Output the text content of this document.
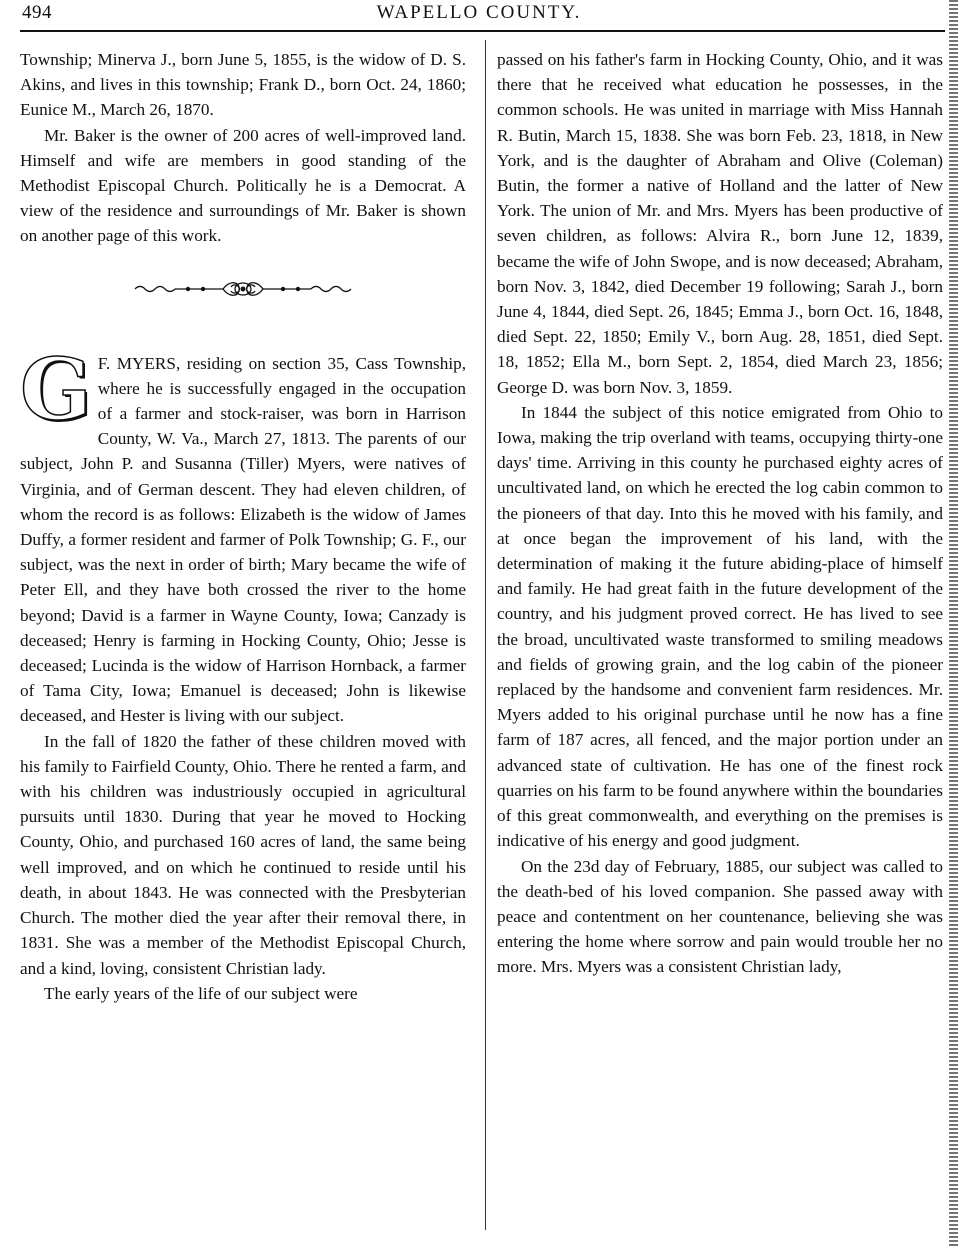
494	WAPELLO COUNTY.

Township; Minerva J., born June 5, 1855, is the widow of D. S. Akins, and lives in this township; Frank D., born Oct. 24, 1860; Eunice M., March 26, 1870.

Mr. Baker is the owner of 200 acres of well-improved land. Himself and wife are members in good standing of the Methodist Episcopal Church. Politically he is a Democrat. A view of the residence and surroundings of Mr. Baker is shown on another page of this work.

G F. MYERS, residing on section 35, Cass Township, where he is successfully engaged in the occupation of a farmer and stock-raiser, was born in Harrison County, W. Va., March 27, 1813. The parents of our subject, John P. and Susanna (Tiller) Myers, were natives of Virginia, and of German descent. They had eleven children, of whom the record is as follows: Elizabeth is the widow of James Duffy, a former resident and farmer of Polk Township; G. F., our subject, was the next in order of birth; Mary became the wife of Peter Ell, and they have both crossed the river to the home beyond; David is a farmer in Wayne County, Iowa; Canzady is deceased; Henry is farming in Hocking County, Ohio; Jesse is deceased; Lucinda is the widow of Harrison Hornback, a farmer of Tama City, Iowa; Emanuel is deceased; John is likewise deceased, and Hester is living with our subject.

In the fall of 1820 the father of these children moved with his family to Fairfield County, Ohio. There he rented a farm, and with his children was industriously occupied in agricultural pursuits until 1830. During that year he moved to Hocking County, Ohio, and purchased 160 acres of land, the same being well improved, and on which he continued to reside until his death, in about 1843. He was connected with the Presbyterian Church. The mother died the year after their removal there, in 1831. She was a member of the Methodist Episcopal Church, and a kind, loving, consistent Christian lady.

The early years of the life of our subject were

passed on his father's farm in Hocking County, Ohio, and it was there that he received what education he possesses, in the common schools. He was united in marriage with Miss Hannah R. Butin, March 15, 1838. She was born Feb. 23, 1818, in New York, and is the daughter of Abraham and Olive (Coleman) Butin, the former a native of Holland and the latter of New York. The union of Mr. and Mrs. Myers has been productive of seven children, as follows: Alvira R., born June 12, 1839, became the wife of John Swope, and is now deceased; Abraham, born Nov. 3, 1842, died December 19 following; Sarah J., born June 4, 1844, died Sept. 26, 1845; Emma J., born Oct. 16, 1848, died Sept. 22, 1850; Emily V., born Aug. 28, 1851, died Sept. 18, 1852; Ella M., born Sept. 2, 1854, died March 23, 1856; George D. was born Nov. 3, 1859.

In 1844 the subject of this notice emigrated from Ohio to Iowa, making the trip overland with teams, occupying thirty-one days' time. Arriving in this county he purchased eighty acres of uncultivated land, on which he erected the log cabin common to the pioneers of that day. Into this he moved with his family, and at once began the improvement of his land, with the determination of making it the future abiding-place of himself and family. He had great faith in the future development of the country, and his judgment proved correct. He has lived to see the broad, uncultivated waste transformed to smiling meadows and fields of growing grain, and the log cabin of the pioneer replaced by the handsome and convenient farm residences. Mr. Myers added to his original purchase until he now has a fine farm of 187 acres, all fenced, and the major portion under an advanced state of cultivation. He has one of the finest rock quarries on his farm to be found anywhere within the boundaries of this great commonwealth, and everything on the premises is indicative of his energy and good judgment.

On the 23d day of February, 1885, our subject was called to the death-bed of his loved companion. She passed away with peace and contentment on her countenance, believing she was entering the home where sorrow and pain would trouble her no more. Mrs. Myers was a consistent Christian lady,
